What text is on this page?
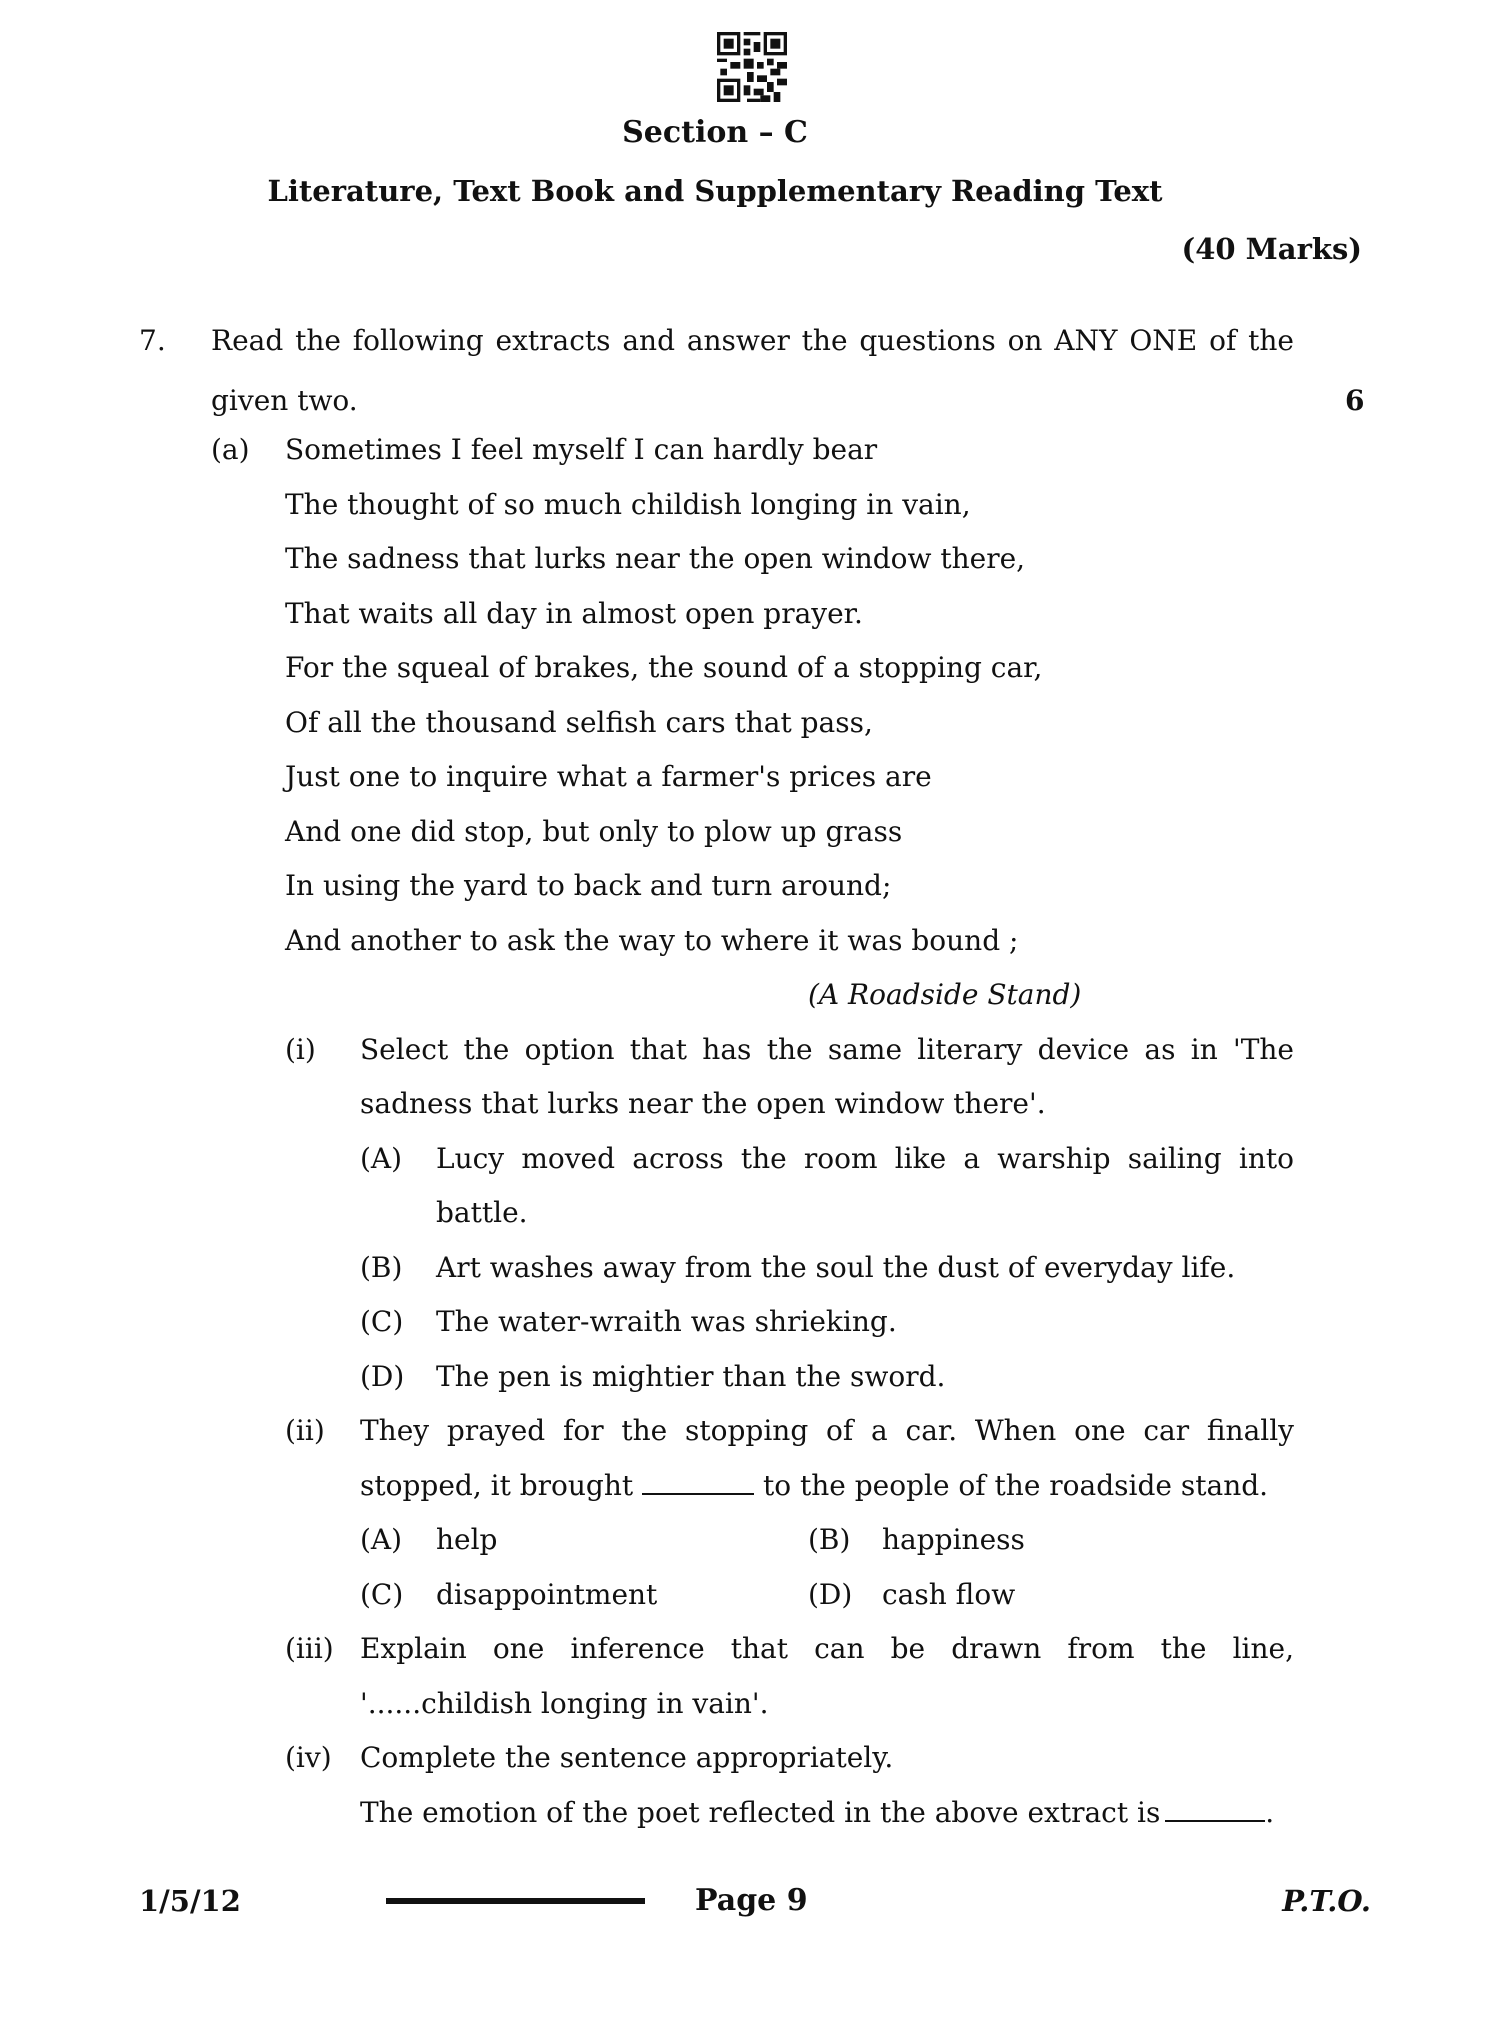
Section – C
Literature, Text Book and Supplementary Reading Text
(40 Marks)
7. Read the following extracts and answer the questions on ANY ONE of the
given two.	6
(a) Sometimes I feel myself I can hardly bear
The thought of so much childish longing in vain,
The sadness that lurks near the open window there,
That waits all day in almost open prayer.
For the squeal of brakes, the sound of a stopping car,
Of all the thousand selfish cars that pass,
Just one to inquire what a farmer's prices are
And one did stop, but only to plow up grass
In using the yard to back and turn around;
And another to ask the way to where it was bound ;
(A Roadside Stand)
(i) Select the option that has the same literary device as in 'The
sadness that lurks near the open window there'.
(A) Lucy moved across the room like a warship sailing into
battle.
(B) Art washes away from the soul the dust of everyday life.
(C) The water-wraith was shrieking.
(D) The pen is mightier than the sword.
(ii) They prayed for the stopping of a car. When one car finally
stopped, it brought	to the people of the roadside stand.
(A) help	(B) happiness
(C) disappointment	(D) cash flow
(iii) Explain one inference that can be drawn from the line,
'......childish longing in vain'.
(iv) Complete the sentence appropriately.
The emotion of the poet reflected in the above extract is	.
1/5/12	Page 9	P.T.O.
